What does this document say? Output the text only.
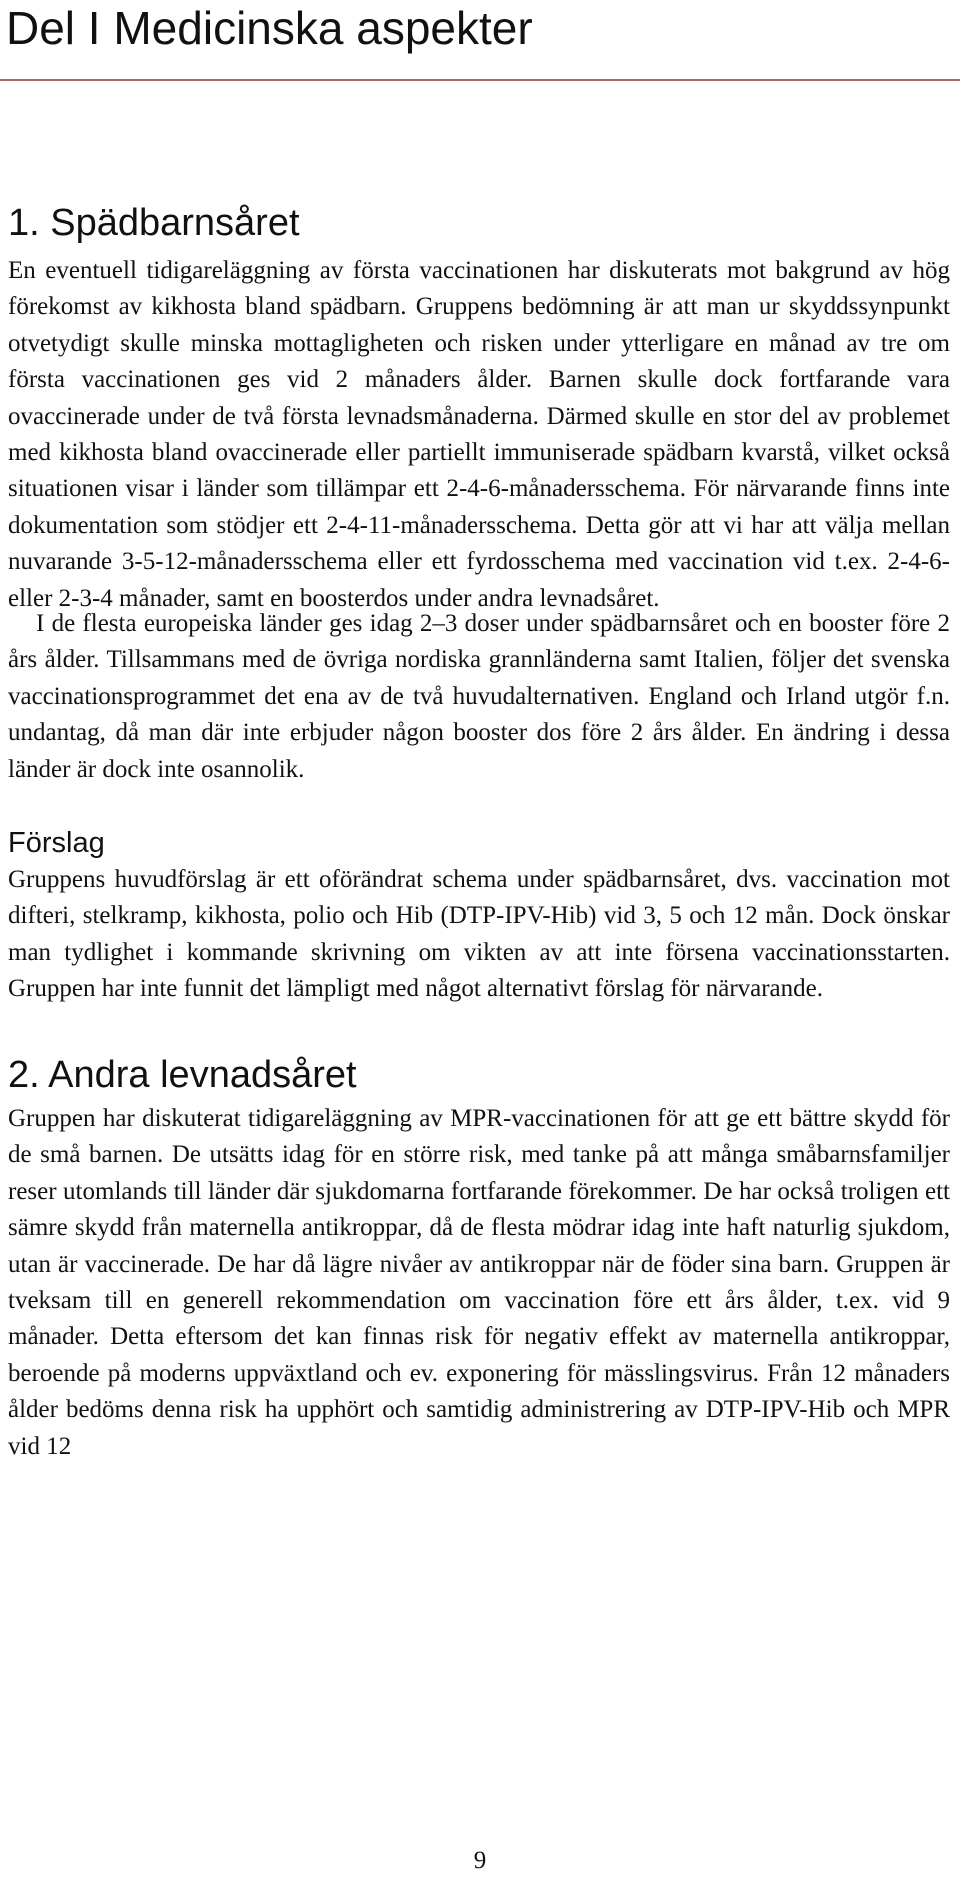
Del I Medicinska aspekter
1. Spädbarnsåret

En eventuell tidigareläggning av första vaccinationen har diskuterats mot bakgrund av hög förekomst av kikhosta bland spädbarn. Gruppens bedömning är att man ur skyddssynpunkt otvetydigt skulle minska mottagligheten och risken under ytterligare en månad av tre om första vaccinationen ges vid 2 månaders ålder. Barnen skulle dock fortfarande vara ovaccinerade under de två första levnadsmånaderna. Därmed skulle en stor del av problemet med kikhosta bland ovaccinerade eller partiellt immuniserade spädbarn kvarstå, vilket också situationen visar i länder som tillämpar ett 2-4-6-månadersschema. För närvarande finns inte dokumentation som stödjer ett 2-4-11-månadersschema. Detta gör att vi har att välja mellan nuvarande 3-5-12-månadersschema eller ett fyrdosschema med vaccination vid t.ex. 2-4-6-eller 2-3-4 månader, samt en boosterdos under andra levnadsåret.

I de flesta europeiska länder ges idag 2–3 doser under spädbarnsåret och en booster före 2 års ålder. Tillsammans med de övriga nordiska grannländerna samt Italien, följer det svenska vaccinationsprogrammet det ena av de två huvudalternativen. England och Irland utgör f.n. undantag, då man där inte erbjuder någon booster dos före 2 års ålder. En ändring i dessa länder är dock inte osannolik.

Förslag

Gruppens huvudförslag är ett oförändrat schema under spädbarnsåret, dvs. vaccination mot difteri, stelkramp, kikhosta, polio och Hib (DTP-IPV-Hib) vid 3, 5 och 12 mån. Dock önskar man tydlighet i kommande skrivning om vikten av att inte försena vaccinationsstarten. Gruppen har inte funnit det lämpligt med något alternativt förslag för närvarande.

2. Andra levnadsåret

Gruppen har diskuterat tidigareläggning av MPR-vaccinationen för att ge ett bättre skydd för de små barnen. De utsätts idag för en större risk, med tanke på att många småbarnsfamiljer reser utomlands till länder där sjukdomarna fortfarande förekommer. De har också troligen ett sämre skydd från maternella antikroppar, då de flesta mödrar idag inte haft naturlig sjukdom, utan är vaccinerade. De har då lägre nivåer av antikroppar när de föder sina barn. Gruppen är tveksam till en generell rekommendation om vaccination före ett års ålder, t.ex. vid 9 månader. Detta eftersom det kan finnas risk för negativ effekt av maternella antikroppar, beroende på moderns uppväxtland och ev. exponering för mässlingsvirus. Från 12 månaders ålder bedöms denna risk ha upphört och samtidig administrering av DTP-IPV-Hib och MPR vid 12

9
